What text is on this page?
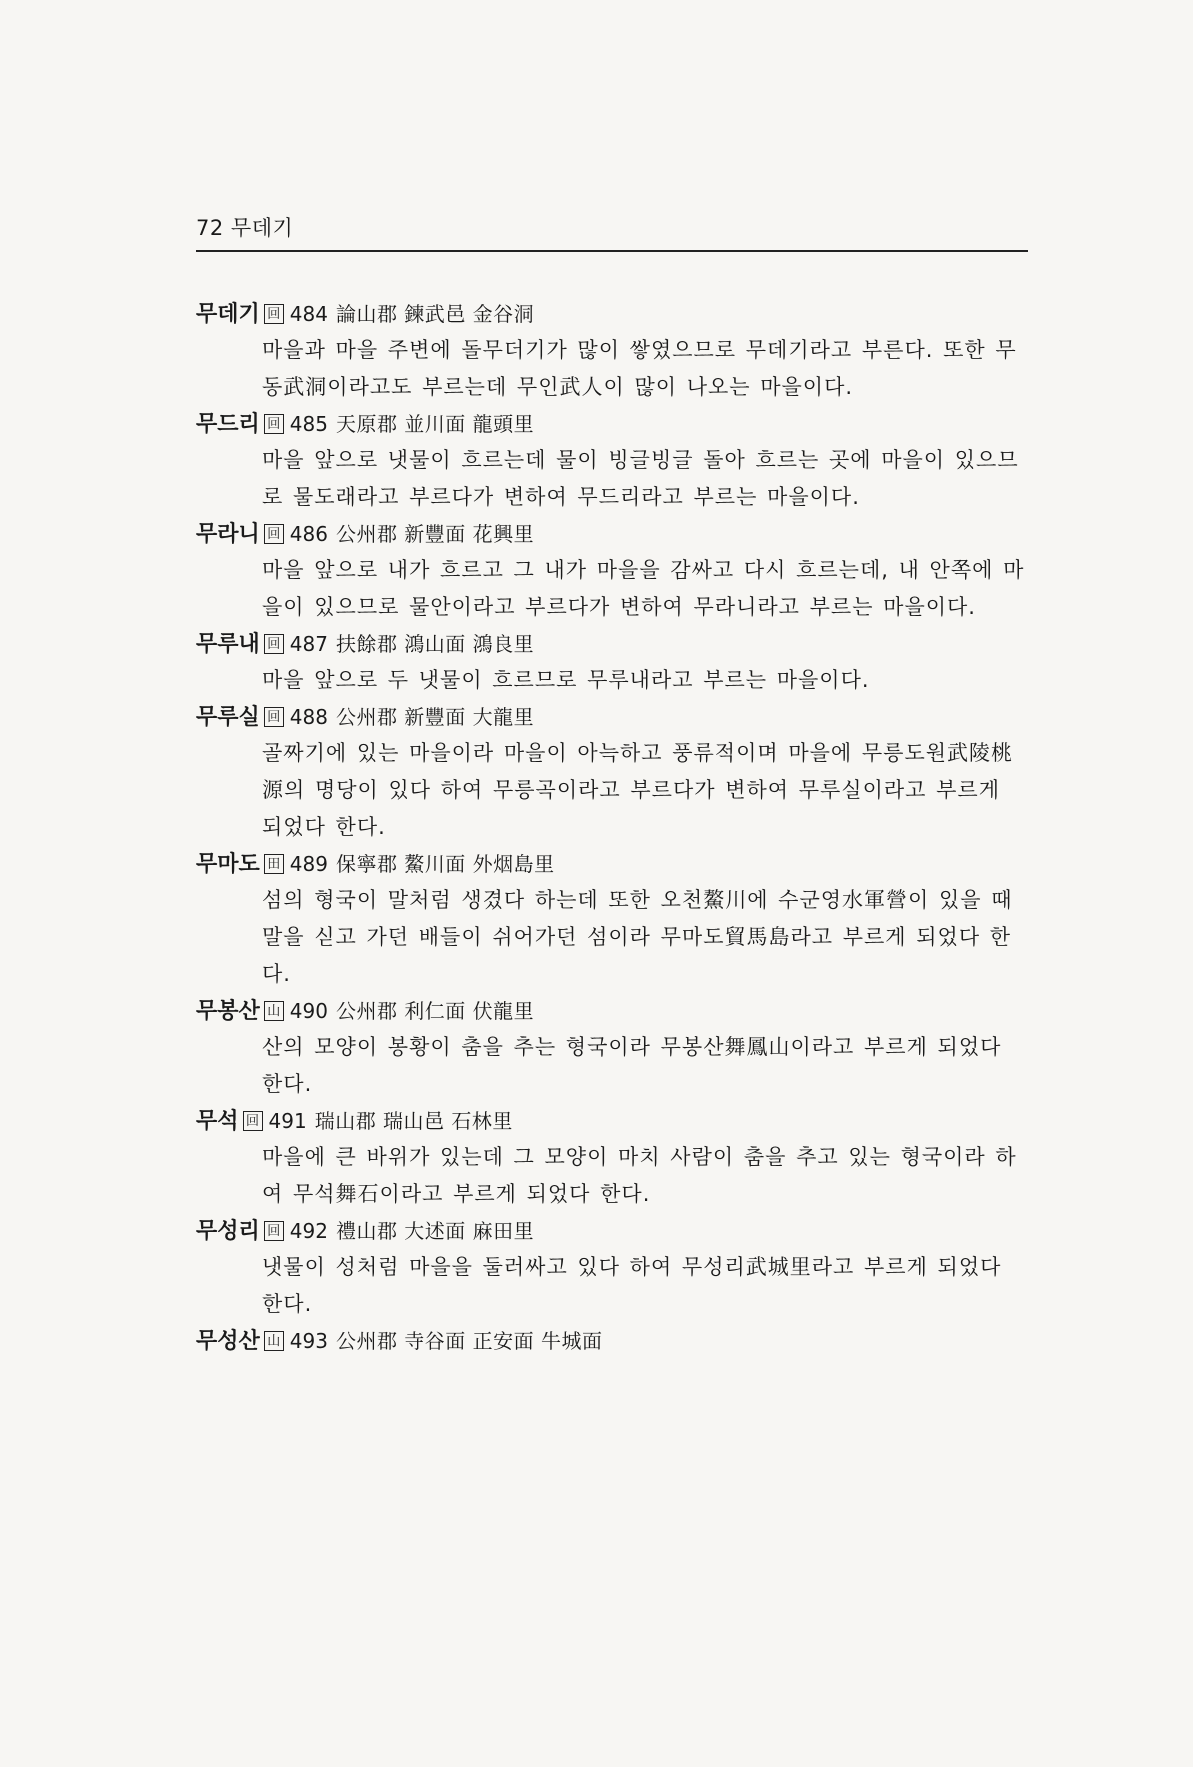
72 무데기
무데기 回 484 論山郡 鍊武邑 金谷洞
마을과 마을 주변에 돌무더기가 많이 쌓였으므로 무데기라고 부른다. 또한 무동武洞이라고도 부르는데 무인武人이 많이 나오는 마을이다.
무드리 回 485 天原郡 並川面 龍頭里
마을 앞으로 냇물이 흐르는데 물이 빙글빙글 돌아 흐르는 곳에 마을이 있으므로 물도래라고 부르다가 변하여 무드리라고 부르는 마을이다.
무라니 回 486 公州郡 新豐面 花興里
마을 앞으로 내가 흐르고 그 내가 마을을 감싸고 다시 흐르는데, 내 안쪽에 마을이 있으므로 물안이라고 부르다가 변하여 무라니라고 부르는 마을이다.
무루내 回 487 扶餘郡 鴻山面 鴻良里
마을 앞으로 두 냇물이 흐르므로 무루내라고 부르는 마을이다.
무루실 回 488 公州郡 新豐面 大龍里
골짜기에 있는 마을이라 마을이 아늑하고 풍류적이며 마을에 무릉도원武陵桃源의 명당이 있다 하여 무릉곡이라고 부르다가 변하여 무루실이라고 부르게 되었다 한다.
무마도 田 489 保寧郡 鰲川面 外烟島里
섬의 형국이 말처럼 생겼다 하는데 또한 오천鰲川에 수군영水軍營이 있을 때 말을 싣고 가던 배들이 쉬어가던 섬이라 무마도貿馬島라고 부르게 되었다 한다.
무봉산 山 490 公州郡 利仁面 伏龍里
산의 모양이 봉황이 춤을 추는 형국이라 무봉산舞鳳山이라고 부르게 되었다 한다.
무석 回 491 瑞山郡 瑞山邑 石林里
마을에 큰 바위가 있는데 그 모양이 마치 사람이 춤을 추고 있는 형국이라 하여 무석舞石이라고 부르게 되었다 한다.
무성리 回 492 禮山郡 大述面 麻田里
냇물이 성처럼 마을을 둘러싸고 있다 하여 무성리武城里라고 부르게 되었다 한다.
무성산 山 493 公州郡 寺谷面 正安面 牛城面
